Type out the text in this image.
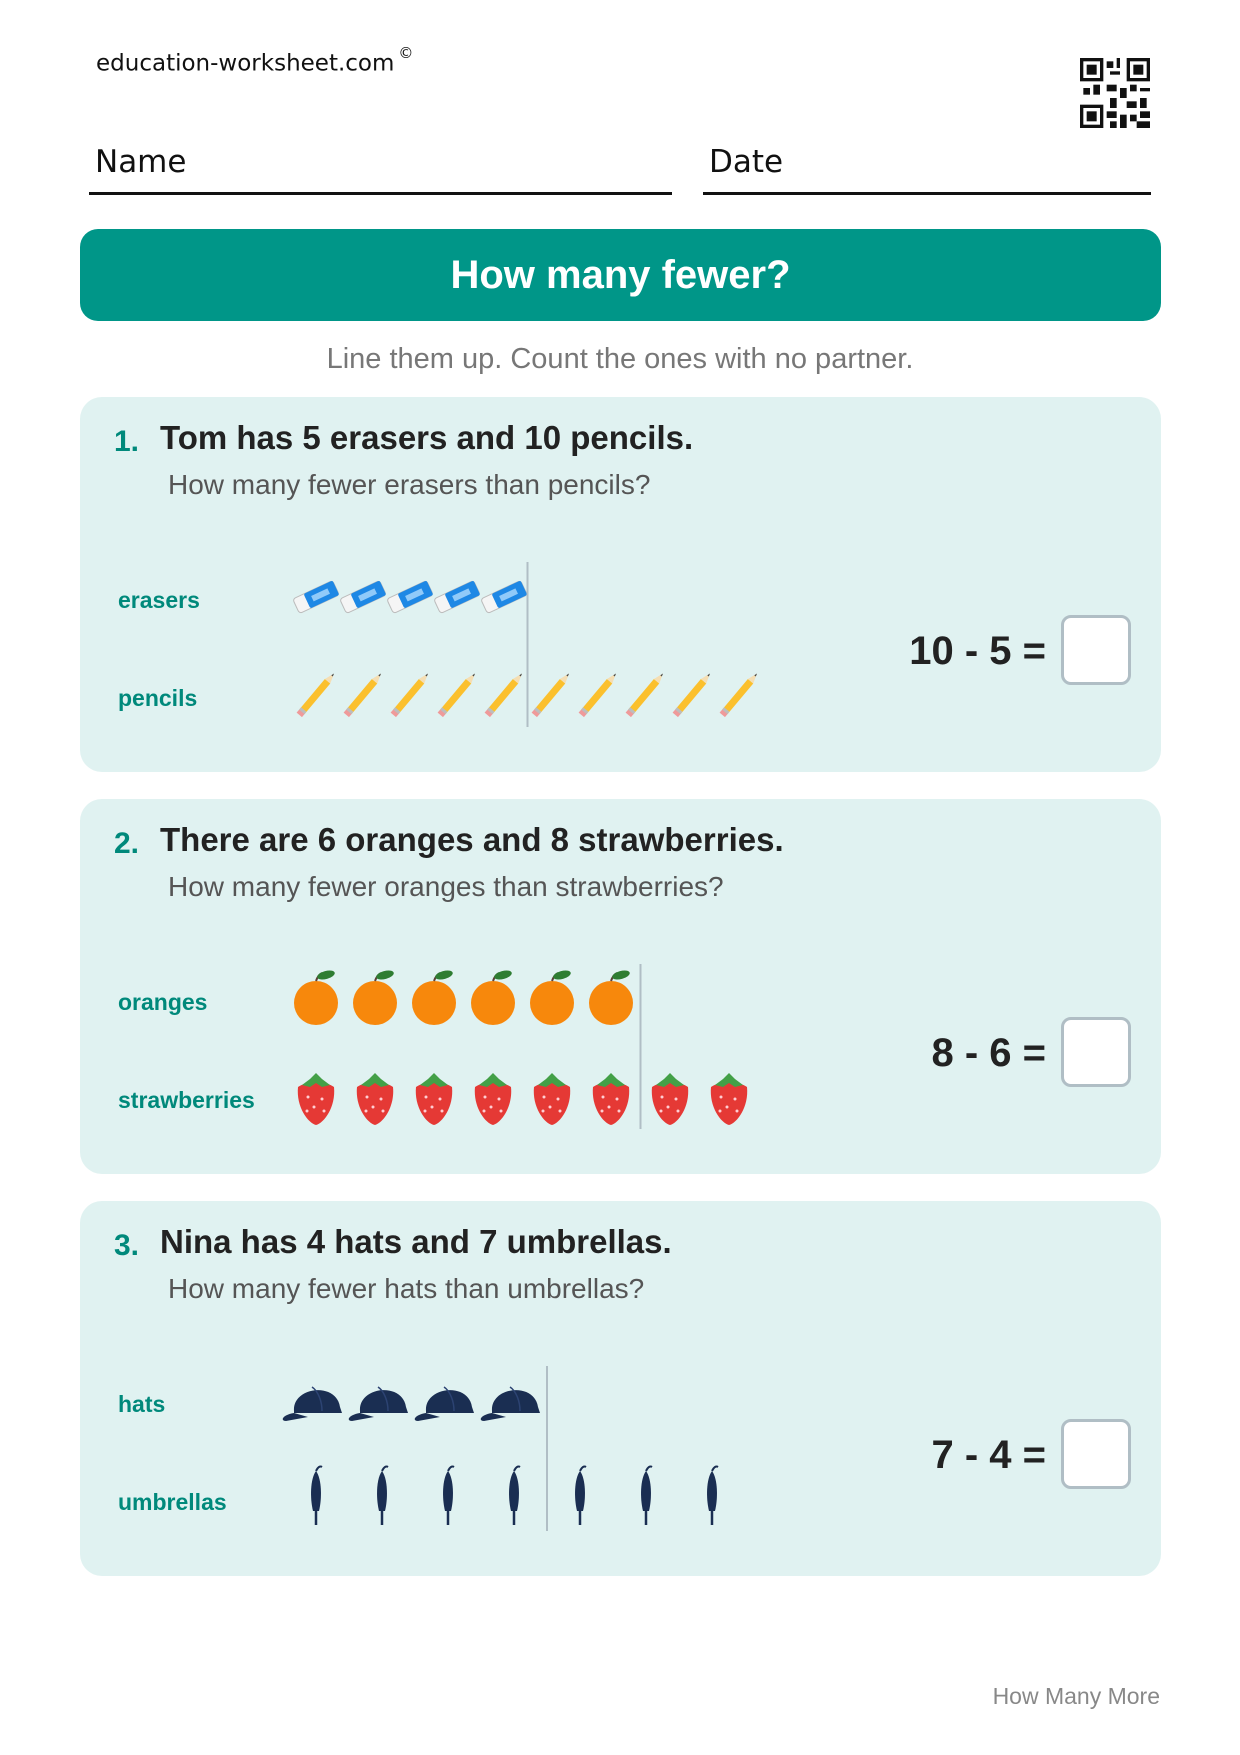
education-worksheet.com ©
Name	Date
How many fewer?
Line them up. Count the ones with no partner.
1. Tom has 5 erasers and 10 pencils.
How many fewer erasers than pencils?
erasers
pencils
10 - 5 =
2. There are 6 oranges and 8 strawberries.
How many fewer oranges than strawberries?
oranges
strawberries
8 - 6 =
3. Nina has 4 hats and 7 umbrellas.
How many fewer hats than umbrellas?
hats
umbrellas
7 - 4 =
How Many More
